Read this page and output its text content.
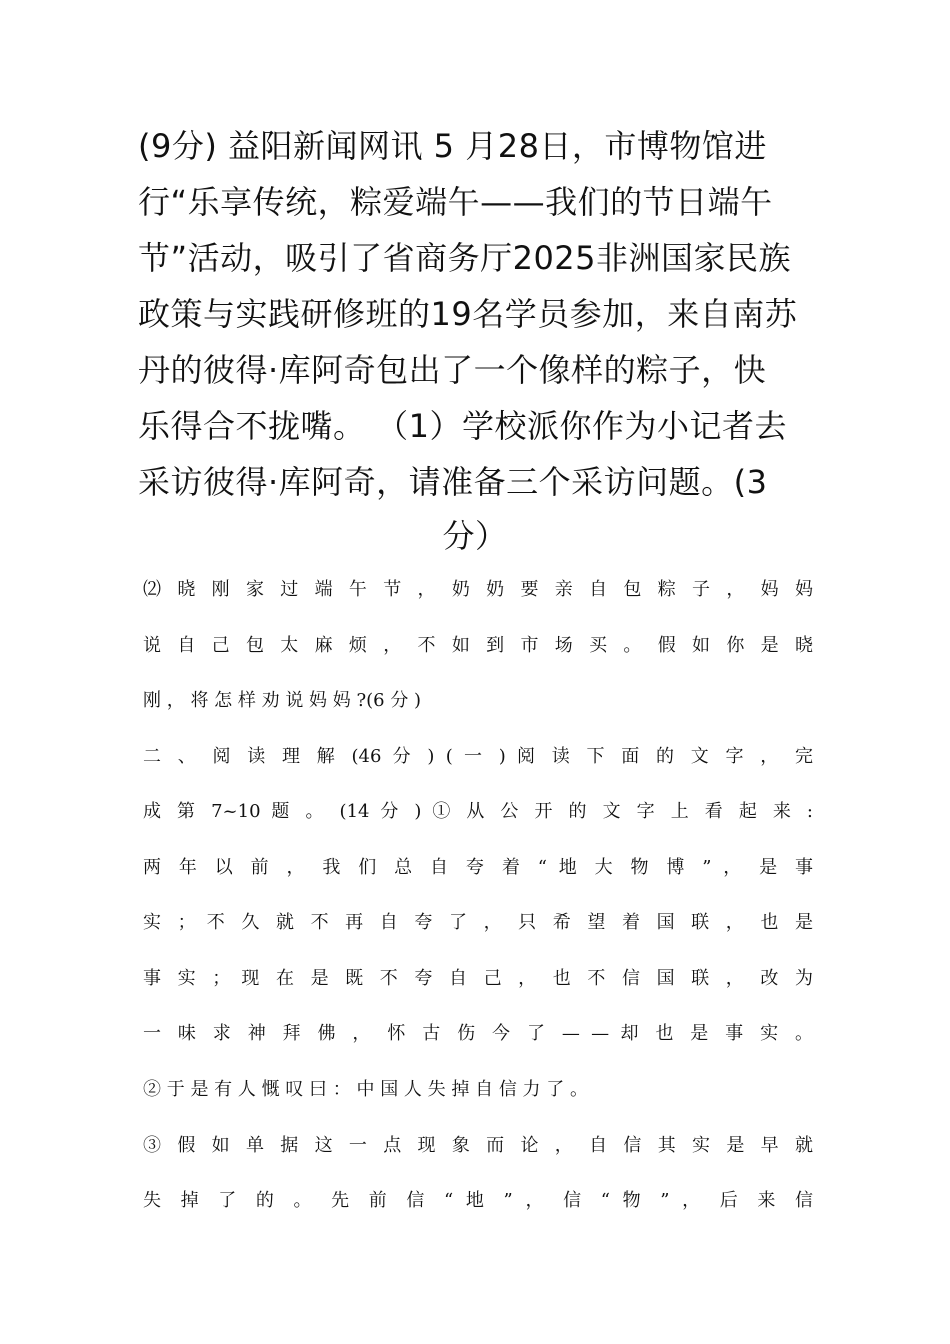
(9分) 益阳新闻网讯 5 月28日，市博物馆进
行“乐享传统，粽爱端午——我们的节日端午
节”活动，吸引了省商务厅2025非洲国家民族
政策与实践研修班的19名学员参加，来自南苏
丹的彼得·库阿奇包出了一个像样的粽子，快
乐得合不拢嘴。 （1）学校派你作为小记者去
采访彼得·库阿奇，请准备三个采访问题。(3
分）
⑵ 晓 刚 家 过 端 午 节 ， 奶 奶 要 亲 自 包 粽 子 ， 妈 妈
说 自 己 包 太 麻 烦 ， 不 如 到 市 场 买 。 假 如 你 是 晓
刚 ， 将 怎 样 劝 说 妈 妈 ?(6 分 )
二 、 阅 读 理 解 (46 分 ) ( 一 ) 阅 读 下 面 的 文 字 ， 完
成 第 7~10 题 。 (14 分 ) ① 从 公 开 的 文 字 上 看 起 来 :
两 年 以 前 ， 我 们 总 自 夸 着 “ 地 大 物 博 ” ， 是 事
实 ； 不 久 就 不 再 自 夸 了 ， 只 希 望 着 国 联 ， 也 是
事 实 ； 现 在 是 既 不 夸 自 己 ， 也 不 信 国 联 ， 改 为
一 味 求 神 拜 佛 ， 怀 古 伤 今 了 — — 却 也 是 事 实 。
② 于 是 有 人 慨 叹 曰 ： 中 国 人 失 掉 自 信 力 了 。
③ 假 如 单 据 这 一 点 现 象 而 论 ， 自 信 其 实 是 早 就
失 掉 了 的 。 先 前 信 “ 地 ” ， 信 “ 物 ” ， 后 来 信
